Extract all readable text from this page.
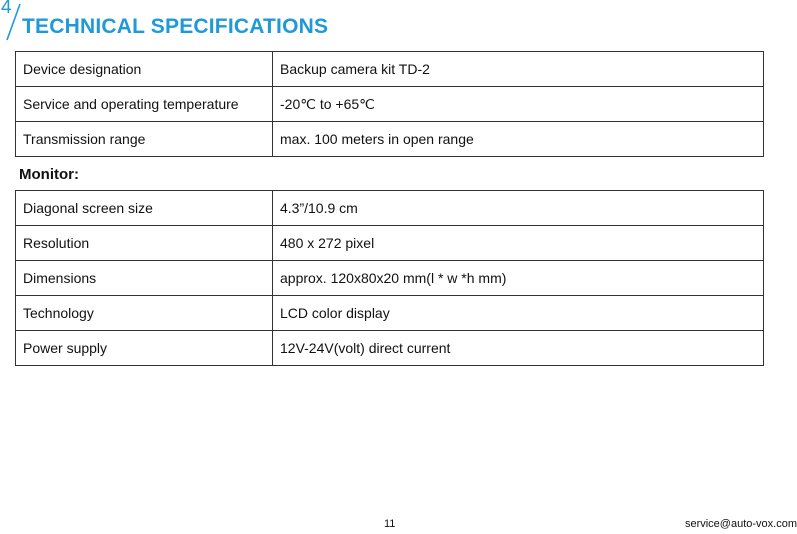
4
TECHNICAL SPECIFICATIONS
Device designation	Backup camera kit TD-2
Service and operating temperature	-20℃ to +65℃
Transmission range	max. 100 meters in open range
Monitor:
Diagonal screen size	4.3”/10.9 cm
Resolution	480 x 272 pixel
Dimensions	approx. 120x80x20 mm(l * w *h mm)
Technology	LCD color display
Power supply	12V-24V(volt) direct current
11	service@auto-vox.com
